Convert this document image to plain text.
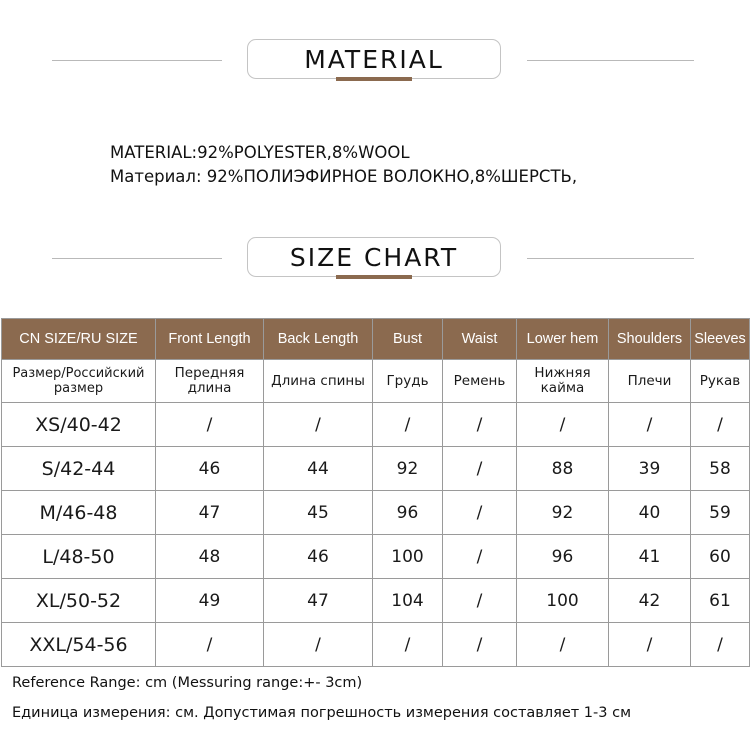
MATERIAL
MATERIAL:92%POLYESTER,8%WOOL
Материал: 92%ПОЛИЭФИРНОЕ ВОЛОКНО,8%ШЕРСТЬ,
SIZE CHART
CN SIZE/RU SIZE	Front Length	Back Length	Bust	Waist	Lower hem	Shoulders	Sleeves
Размер/Российский размер	Передняя длина	Длина спины	Грудь	Ремень	Нижняя кайма	Плечи	Рукав
XS/40-42	/	/	/	/	/	/	/
S/42-44	46	44	92	/	88	39	58
M/46-48	47	45	96	/	92	40	59
L/48-50	48	46	100	/	96	41	60
XL/50-52	49	47	104	/	100	42	61
XXL/54-56	/	/	/	/	/	/	/
Reference Range: cm (Messuring range:+- 3cm)
Единица измерения: см. Допустимая погрешность измерения составляет 1-3 см
